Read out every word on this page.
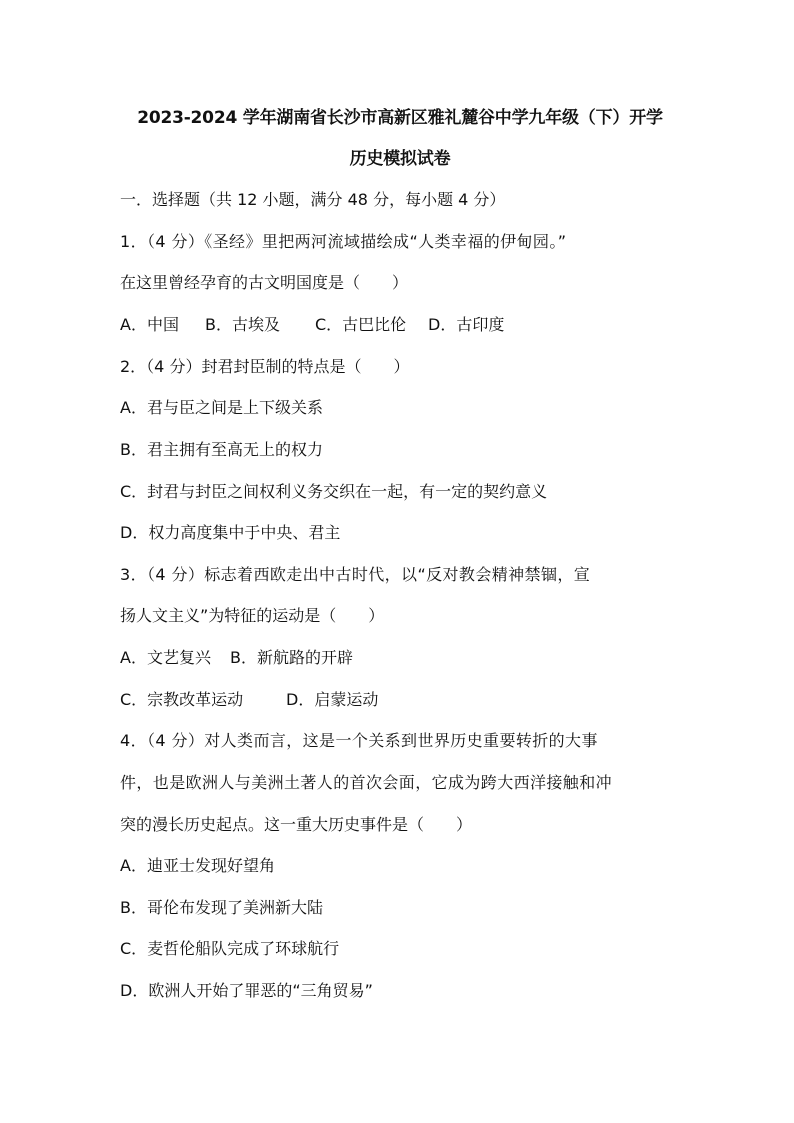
2023-2024 学年湖南省长沙市高新区雅礼麓谷中学九年级（下）开学
历史模拟试卷
一．选择题（共 12 小题，满分 48 分，每小题 4 分）
1．（4 分）《圣经》里把两河流域描绘成“人类幸福的伊甸园。”
在这里曾经孕育的古文明国度是（　　）
A．中国 B．古埃及 C．古巴比伦 D．古印度
2．（4 分）封君封臣制的特点是（　　）
A．君与臣之间是上下级关系
B．君主拥有至高无上的权力
C．封君与封臣之间权利义务交织在一起，有一定的契约意义
D．权力高度集中于中央、君主
3．（4 分）标志着西欧走出中古时代，以“反对教会精神禁锢，宣
扬人文主义”为特征的运动是（　　）
A．文艺复兴 B．新航路的开辟
C．宗教改革运动	D．启蒙运动
4．（4 分）对人类而言，这是一个关系到世界历史重要转折的大事
件，也是欧洲人与美洲土著人的首次会面，它成为跨大西洋接触和冲
突的漫长历史起点。这一重大历史事件是（　　）
A．迪亚士发现好望角
B．哥伦布发现了美洲新大陆
C．麦哲伦船队完成了环球航行
D．欧洲人开始了罪恶的“三角贸易”
